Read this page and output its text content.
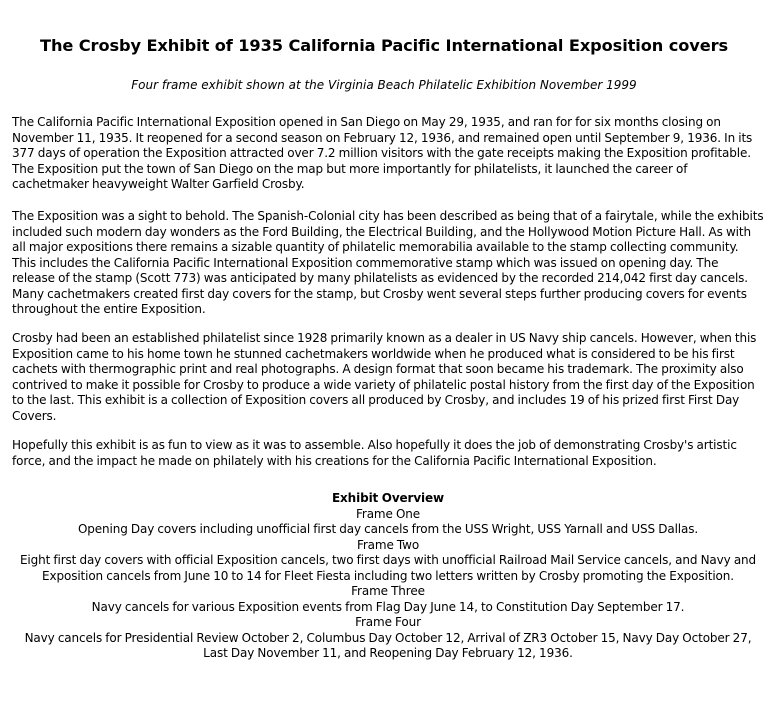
The Crosby Exhibit of 1935 California Pacific International Exposition covers

Four frame exhibit shown at the Virginia Beach Philatelic Exhibition November 1999

The California Pacific International Exposition opened in San Diego on May 29, 1935, and ran for for six months closing on November 11, 1935. It reopened for a second season on February 12, 1936, and remained open until September 9, 1936. In its 377 days of operation the Exposition attracted over 7.2 million visitors with the gate receipts making the Exposition profitable. The Exposition put the town of San Diego on the map but more importantly for philatelists, it launched the career of cachetmaker heavyweight Walter Garfield Crosby.

The Exposition was a sight to behold. The Spanish-Colonial city has been described as being that of a fairytale, while the exhibits included such modern day wonders as the Ford Building, the Electrical Building, and the Hollywood Motion Picture Hall. As with all major expositions there remains a sizable quantity of philatelic memorabilia available to the stamp collecting community. This includes the California Pacific International Exposition commemorative stamp which was issued on opening day. The release of the stamp (Scott 773) was anticipated by many philatelists as evidenced by the recorded 214,042 first day cancels. Many cachetmakers created first day covers for the stamp, but Crosby went several steps further producing covers for events throughout the entire Exposition.

Crosby had been an established philatelist since 1928 primarily known as a dealer in US Navy ship cancels. However, when this Exposition came to his home town he stunned cachetmakers worldwide when he produced what is considered to be his first cachets with thermographic print and real photographs. A design format that soon became his trademark. The proximity also contrived to make it possible for Crosby to produce a wide variety of philatelic postal history from the first day of the Exposition to the last. This exhibit is a collection of Exposition covers all produced by Crosby, and includes 19 of his prized first First Day Covers.

Hopefully this exhibit is as fun to view as it was to assemble. Also hopefully it does the job of demonstrating Crosby's artistic force, and the impact he made on philately with his creations for the California Pacific International Exposition.

Exhibit Overview
Frame One
Opening Day covers including unofficial first day cancels from the USS Wright, USS Yarnall and USS Dallas.
Frame Two
Eight first day covers with official Exposition cancels, two first days with unofficial Railroad Mail Service cancels, and Navy and Exposition cancels from June 10 to 14 for Fleet Fiesta including two letters written by Crosby promoting the Exposition.
Frame Three
Navy cancels for various Exposition events from Flag Day June 14, to Constitution Day September 17.
Frame Four
Navy cancels for Presidential Review October 2, Columbus Day October 12, Arrival of ZR3 October 15, Navy Day October 27, Last Day November 11, and Reopening Day February 12, 1936.
